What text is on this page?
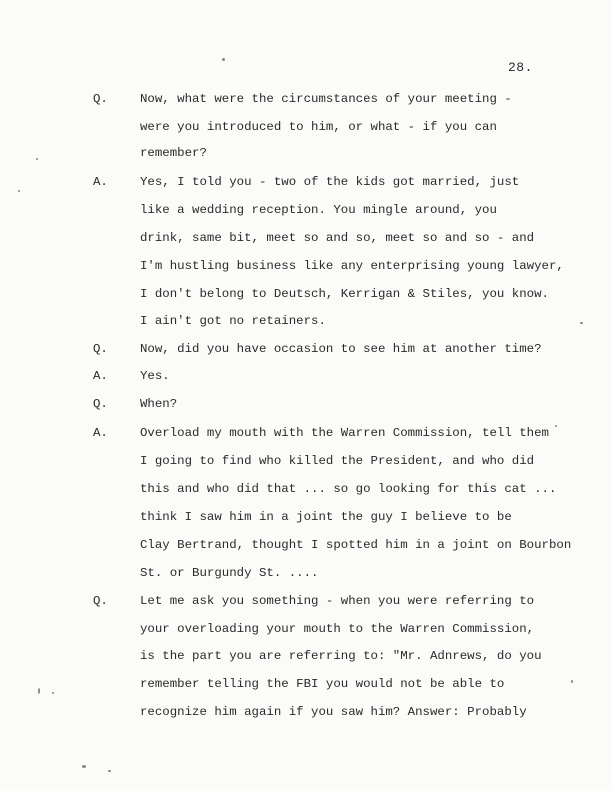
28.
Q.	Now, what were the circumstances of your meeting -
were you introduced to him, or what - if you can
remember?
A.	Yes, I told you - two of the kids got married, just
like a wedding reception. You mingle around, you
drink, same bit, meet so and so, meet so and so - and
I'm hustling business like any enterprising young lawyer,
I don't belong to Deutsch, Kerrigan & Stiles, you know.
I ain't got no retainers.
Q.	Now, did you have occasion to see him at another time?
A.	Yes.
Q.	When?
A.	Overload my mouth with the Warren Commission, tell them
I going to find who killed the President, and who did
this and who did that ... so go looking for this cat ...
think I saw him in a joint the guy I believe to be
Clay Bertrand, thought I spotted him in a joint on Bourbon
St. or Burgundy St. ....
Q.	Let me ask you something - when you were referring to
your overloading your mouth to the Warren Commission,
is the part you are referring to: "Mr. Adnrews, do you
remember telling the FBI you would not be able to
recognize him again if you saw him? Answer: Probably
